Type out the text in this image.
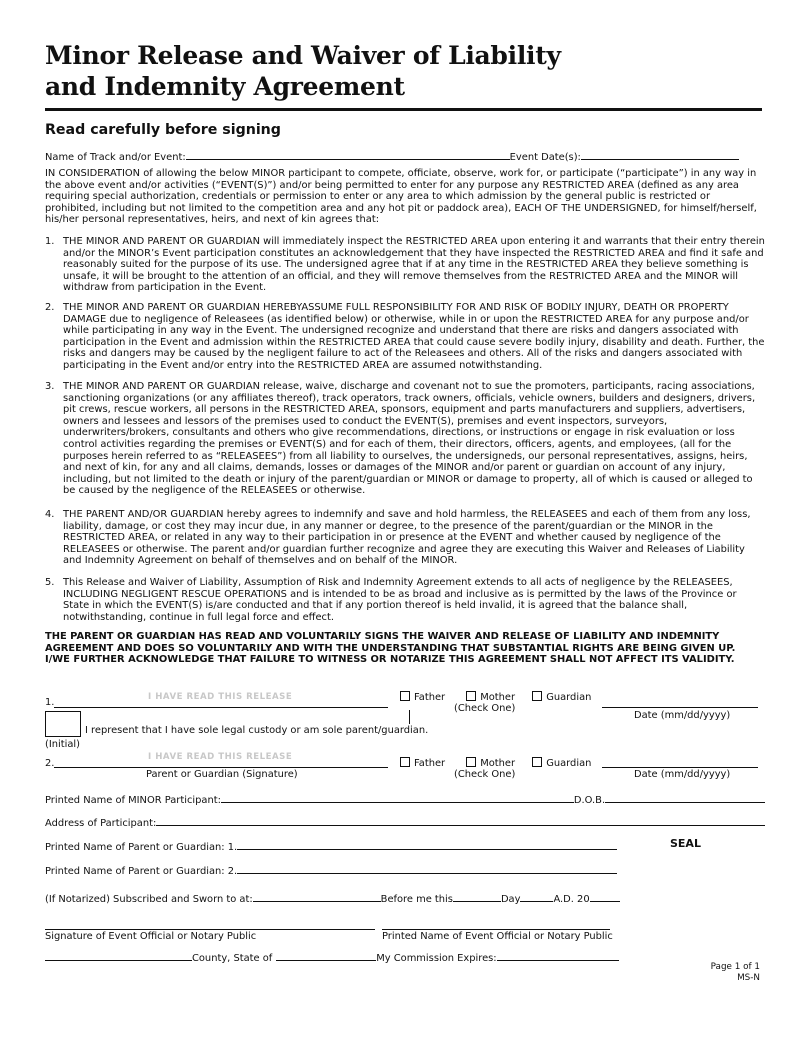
Minor Release and Waiver of Liability
and Indemnity Agreement
Read carefully before signing
Name of Track and/or Event:	Event Date(s):
IN CONSIDERATION of allowing the below MINOR participant to compete, officiate, observe, work for, or participate (“participate”) in any way in the above event and/or activities (“EVENT(S)”) and/or being permitted to enter for any purpose any RESTRICTED AREA (defined as any area requiring special authorization, credentials or permission to enter or any area to which admission by the general public is restricted or prohibited, including but not limited to the competition area and any hot pit or paddock area), EACH OF THE UNDERSIGNED, for himself/herself, his/her personal representatives, heirs, and next of kin agrees that:
1. THE MINOR AND PARENT OR GUARDIAN will immediately inspect the RESTRICTED AREA upon entering it and warrants that their entry therein and/or the MINOR’s Event participation constitutes an acknowledgement that they have inspected the RESTRICTED AREA and find it safe and reasonably suited for the purpose of its use. The undersigned agree that if at any time in the RESTRICTED AREA they believe something is unsafe, it will be brought to the attention of an official, and they will remove themselves from the RESTRICTED AREA and the MINOR will withdraw from participation in the Event.
2. THE MINOR AND PARENT OR GUARDIAN HEREBYASSUME FULL RESPONSIBILITY FOR AND RISK OF BODILY INJURY, DEATH OR PROPERTY DAMAGE due to negligence of Releasees (as identified below) or otherwise, while in or upon the RESTRICTED AREA for any purpose and/or while participating in any way in the Event. The undersigned recognize and understand that there are risks and dangers associated with participation in the Event and admission within the RESTRICTED AREA that could cause severe bodily injury, disability and death. Further, the risks and dangers may be caused by the negligent failure to act of the Releasees and others. All of the risks and dangers associated with participating in the Event and/or entry into the RESTRICTED AREA are assumed notwithstanding.
3. THE MINOR AND PARENT OR GUARDIAN release, waive, discharge and covenant not to sue the promoters, participants, racing associations, sanctioning organizations (or any affiliates thereof), track operators, track owners, officials, vehicle owners, builders and designers, drivers, pit crews, rescue workers, all persons in the RESTRICTED AREA, sponsors, equipment and parts manufacturers and suppliers, advertisers, owners and lessees and lessors of the premises used to conduct the EVENT(S), premises and event inspectors, surveyors, underwriters/brokers, consultants and others who give recommendations, directions, or instructions or engage in risk evaluation or loss control activities regarding the premises or EVENT(S) and for each of them, their directors, officers, agents, and employees, (all for the purposes herein referred to as “RELEASEES”) from all liability to ourselves, the undersigneds, our personal representatives, assigns, heirs, and next of kin, for any and all claims, demands, losses or damages of the MINOR and/or parent or guardian on account of any injury, including, but not limited to the death or injury of the parent/guardian or MINOR or damage to property, all of which is caused or alleged to be caused by the negligence of the RELEASEES or otherwise.
4. THE PARENT AND/OR GUARDIAN hereby agrees to indemnify and save and hold harmless, the RELEASEES and each of them from any loss, liability, damage, or cost they may incur due, in any manner or degree, to the presence of the parent/guardian or the MINOR in the RESTRICTED AREA, or related in any way to their participation in or presence at the EVENT and whether caused by negligence of the RELEASEES or otherwise. The parent and/or guardian further recognize and agree they are executing this Waiver and Releases of Liability and Indemnity Agreement on behalf of themselves and on behalf of the MINOR.
5. This Release and Waiver of Liability, Assumption of Risk and Indemnity Agreement extends to all acts of negligence by the RELEASEES, INCLUDING NEGLIGENT RESCUE OPERATIONS and is intended to be as broad and inclusive as is permitted by the laws of the Province or State in which the EVENT(S) is/are conducted and that if any portion thereof is held invalid, it is agreed that the balance shall, notwithstanding, continue in full legal force and effect.
THE PARENT OR GUARDIAN HAS READ AND VOLUNTARILY SIGNS THE WAIVER AND RELEASE OF LIABILITY AND INDEMNITY AGREEMENT AND DOES SO VOLUNTARILY AND WITH THE UNDERSTANDING THAT SUBSTANTIAL RIGHTS ARE BEING GIVEN UP. I/WE FURTHER ACKNOWLEDGE THAT FAILURE TO WITNESS OR NOTARIZE THIS AGREEMENT SHALL NOT AFFECT ITS VALIDITY.
1.	I HAVE READ THIS RELEASE	Father	Mother	Guardian
(Check One)
Date (mm/dd/yyyy)
(Initial)
I represent that I have sole legal custody or am sole parent/guardian.
2.
I HAVE READ THIS RELEASE
Parent or Guardian (Signature)
Father	Mother	Guardian
(Check One)	Date (mm/dd/yyyy)
Printed Name of MINOR Participant:	D.O.B.
Address of Participant:
Printed Name of Parent or Guardian: 1.	SEAL
Printed Name of Parent or Guardian: 2.
(If Notarized) Subscribed and Sworn to at:	Before me this	Day	A.D. 20
Signature of Event Official or Notary Public	Printed Name of Event Official or Notary Public
County, State of	My Commission Expires:
Page 1 of 1
MS-N
